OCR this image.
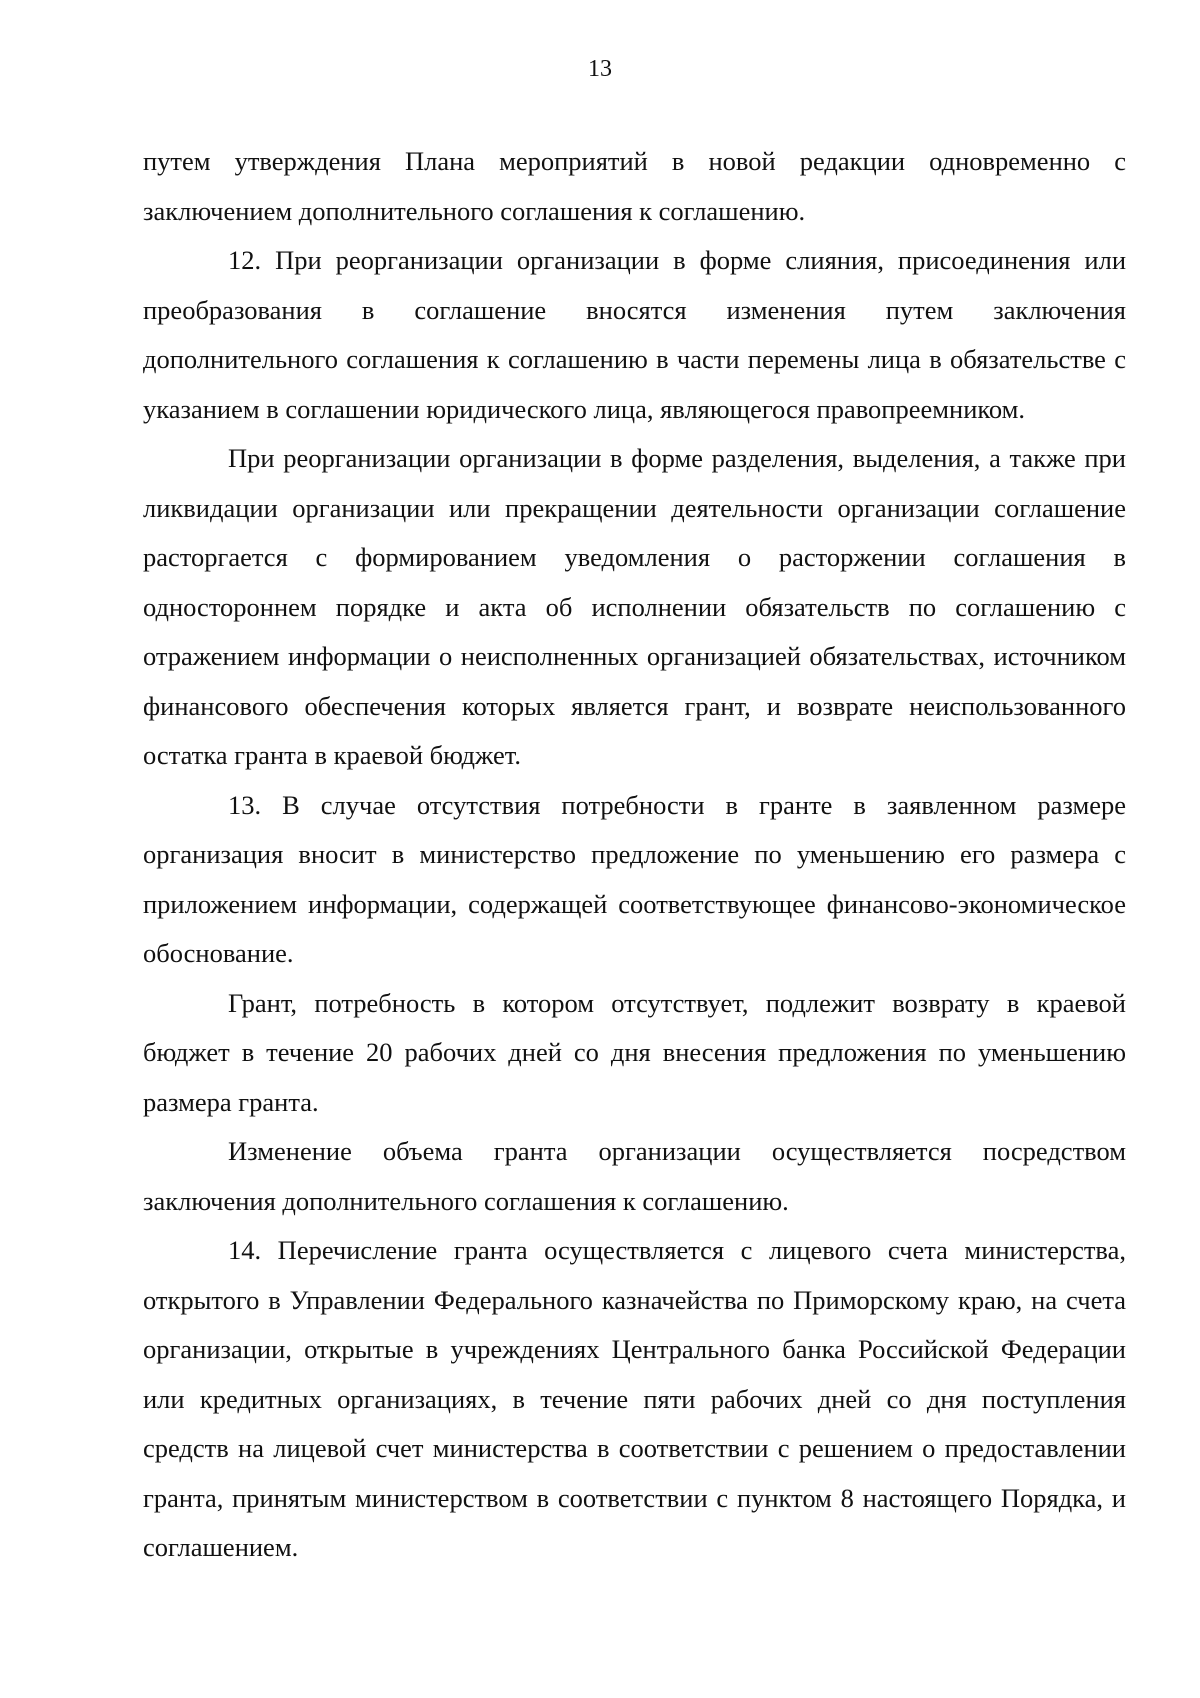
13

путем утверждения Плана мероприятий в новой редакции одновременно с заключением дополнительного соглашения к соглашению.

12. При реорганизации организации в форме слияния, присоединения или преобразования в соглашение вносятся изменения путем заключения дополнительного соглашения к соглашению в части перемены лица в обязательстве с указанием в соглашении юридического лица, являющегося правопреемником.

При реорганизации организации в форме разделения, выделения, а также при ликвидации организации или прекращении деятельности организации соглашение расторгается с формированием уведомления о расторжении соглашения в одностороннем порядке и акта об исполнении обязательств по соглашению с отражением информации о неисполненных организацией обязательствах, источником финансового обеспечения которых является грант, и возврате неиспользованного остатка гранта в краевой бюджет.

13. В случае отсутствия потребности в гранте в заявленном размере организация вносит в министерство предложение по уменьшению его размера с приложением информации, содержащей соответствующее финансово-экономическое обоснование.

Грант, потребность в котором отсутствует, подлежит возврату в краевой бюджет в течение 20 рабочих дней со дня внесения предложения по уменьшению размера гранта.

Изменение объема гранта организации осуществляется посредством заключения дополнительного соглашения к соглашению.

14. Перечисление гранта осуществляется с лицевого счета министерства, открытого в Управлении Федерального казначейства по Приморскому краю, на счета организации, открытые в учреждениях Центрального банка Российской Федерации или кредитных организациях, в течение пяти рабочих дней со дня поступления средств на лицевой счет министерства в соответствии с решением о предоставлении гранта, принятым министерством в соответствии с пунктом 8 настоящего Порядка, и соглашением.
